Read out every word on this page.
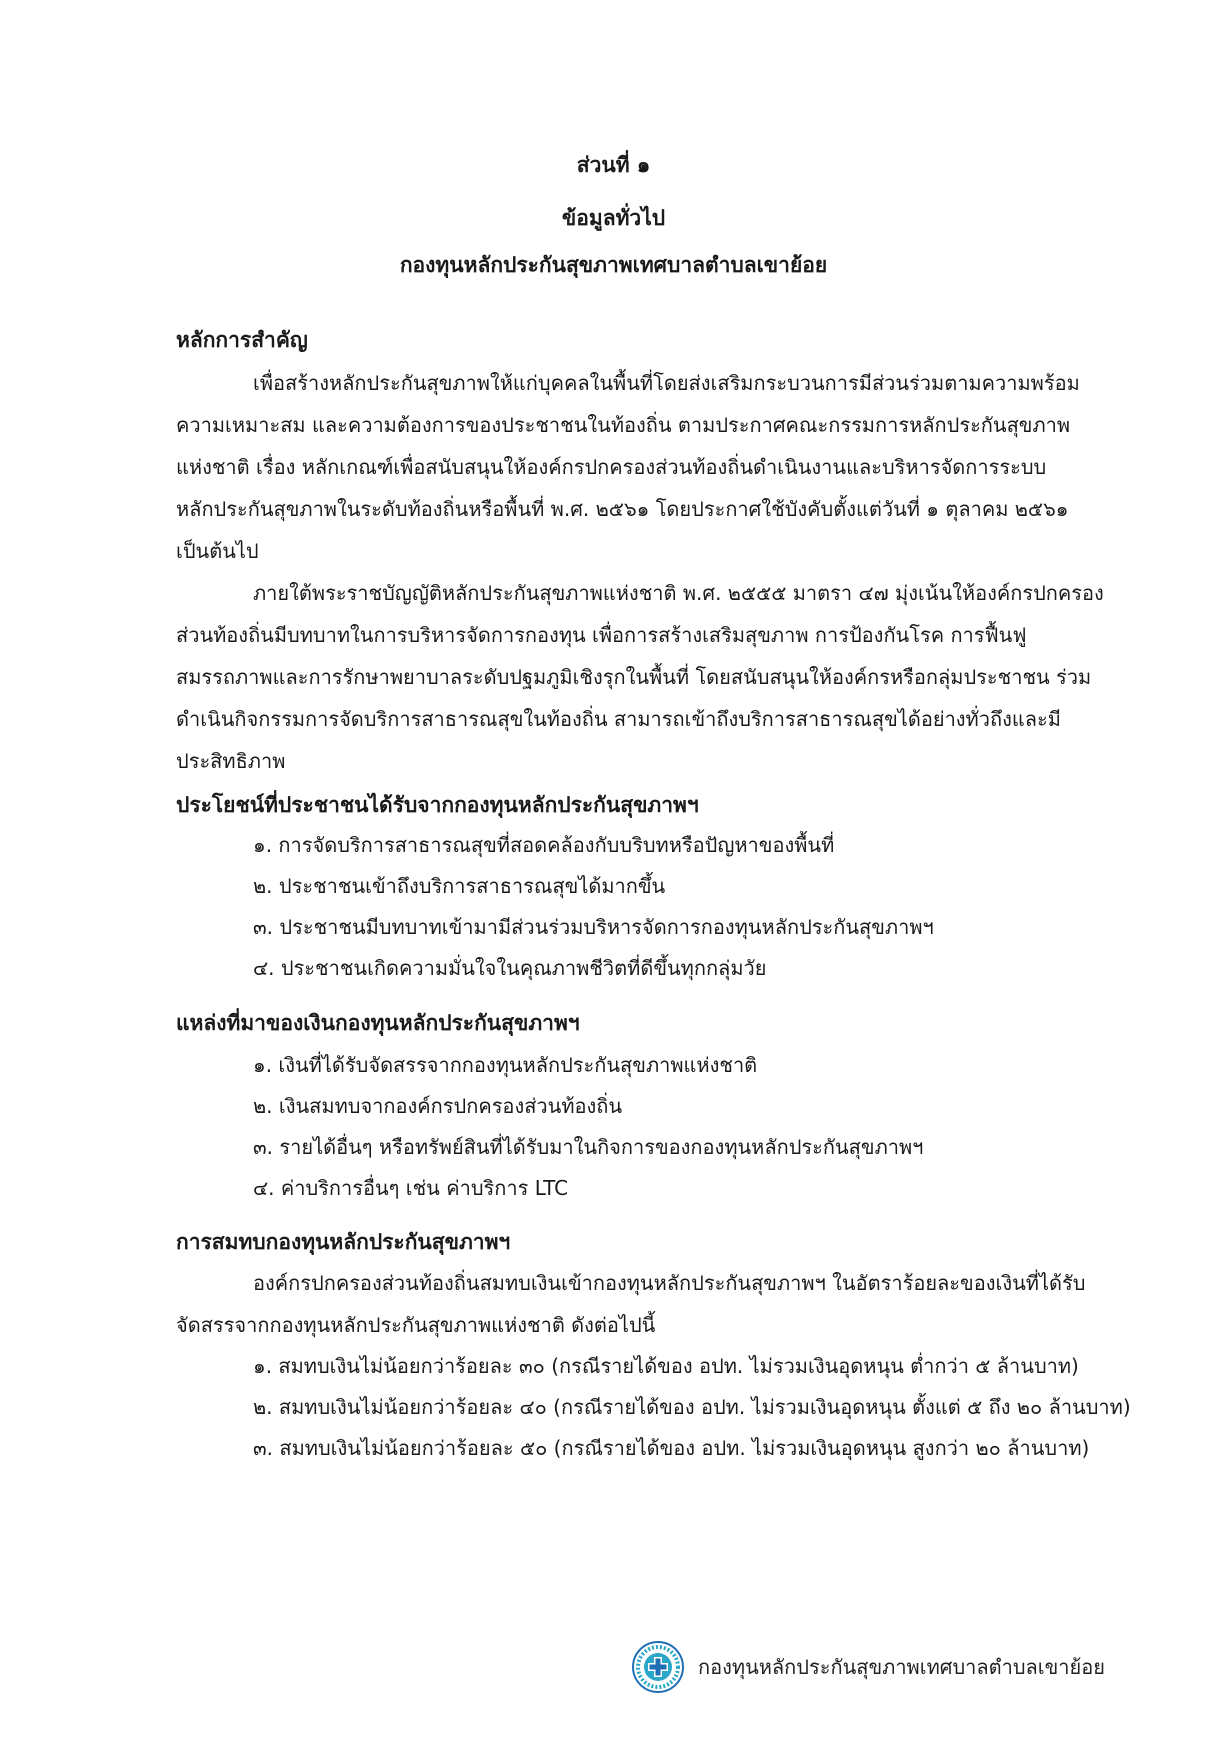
ส่วนที่ ๑
ข้อมูลทั่วไป
กองทุนหลักประกันสุขภาพเทศบาลตำบลเขาย้อย
หลักการสำคัญ
เพื่อสร้างหลักประกันสุขภาพให้แก่บุคคลในพื้นที่โดยส่งเสริมกระบวนการมีส่วนร่วมตามความพร้อม
ความเหมาะสม และความต้องการของประชาชนในท้องถิ่น ตามประกาศคณะกรรมการหลักประกันสุขภาพ
แห่งชาติ เรื่อง หลักเกณฑ์เพื่อสนับสนุนให้องค์กรปกครองส่วนท้องถิ่นดำเนินงานและบริหารจัดการระบบ
หลักประกันสุขภาพในระดับท้องถิ่นหรือพื้นที่ พ.ศ. ๒๕๖๑ โดยประกาศใช้บังคับตั้งแต่วันที่ ๑ ตุลาคม ๒๕๖๑
เป็นต้นไป
ภายใต้พระราชบัญญัติหลักประกันสุขภาพแห่งชาติ พ.ศ. ๒๕๕๕ มาตรา ๔๗ มุ่งเน้นให้องค์กรปกครอง
ส่วนท้องถิ่นมีบทบาทในการบริหารจัดการกองทุน เพื่อการสร้างเสริมสุขภาพ การป้องกันโรค การฟื้นฟู
สมรรถภาพและการรักษาพยาบาลระดับปฐมภูมิเชิงรุกในพื้นที่ โดยสนับสนุนให้องค์กรหรือกลุ่มประชาชน ร่วม
ดำเนินกิจกรรมการจัดบริการสาธารณสุขในท้องถิ่น สามารถเข้าถึงบริการสาธารณสุขได้อย่างทั่วถึงและมี
ประสิทธิภาพ
ประโยชน์ที่ประชาชนได้รับจากกองทุนหลักประกันสุขภาพฯ
๑. การจัดบริการสาธารณสุขที่สอดคล้องกับบริบทหรือปัญหาของพื้นที่
๒. ประชาชนเข้าถึงบริการสาธารณสุขได้มากขึ้น
๓. ประชาชนมีบทบาทเข้ามามีส่วนร่วมบริหารจัดการกองทุนหลักประกันสุขภาพฯ
๔. ประชาชนเกิดความมั่นใจในคุณภาพชีวิตที่ดีขึ้นทุกกลุ่มวัย
แหล่งที่มาของเงินกองทุนหลักประกันสุขภาพฯ
๑. เงินที่ได้รับจัดสรรจากกองทุนหลักประกันสุขภาพแห่งชาติ
๒. เงินสมทบจากองค์กรปกครองส่วนท้องถิ่น
๓. รายได้อื่นๆ หรือทรัพย์สินที่ได้รับมาในกิจการของกองทุนหลักประกันสุขภาพฯ
๔. ค่าบริการอื่นๆ เช่น ค่าบริการ LTC
การสมทบกองทุนหลักประกันสุขภาพฯ
องค์กรปกครองส่วนท้องถิ่นสมทบเงินเข้ากองทุนหลักประกันสุขภาพฯ ในอัตราร้อยละของเงินที่ได้รับ
จัดสรรจากกองทุนหลักประกันสุขภาพแห่งชาติ ดังต่อไปนี้
๑. สมทบเงินไม่น้อยกว่าร้อยละ ๓๐ (กรณีรายได้ของ อปท. ไม่รวมเงินอุดหนุน ต่ำกว่า ๕ ล้านบาท)
๒. สมทบเงินไม่น้อยกว่าร้อยละ ๔๐ (กรณีรายได้ของ อปท. ไม่รวมเงินอุดหนุน ตั้งแต่ ๕ ถึง ๒๐ ล้านบาท)
๓. สมทบเงินไม่น้อยกว่าร้อยละ ๕๐ (กรณีรายได้ของ อปท. ไม่รวมเงินอุดหนุน สูงกว่า ๒๐ ล้านบาท)
กองทุนหลักประกันสุขภาพเทศบาลตำบลเขาย้อย
